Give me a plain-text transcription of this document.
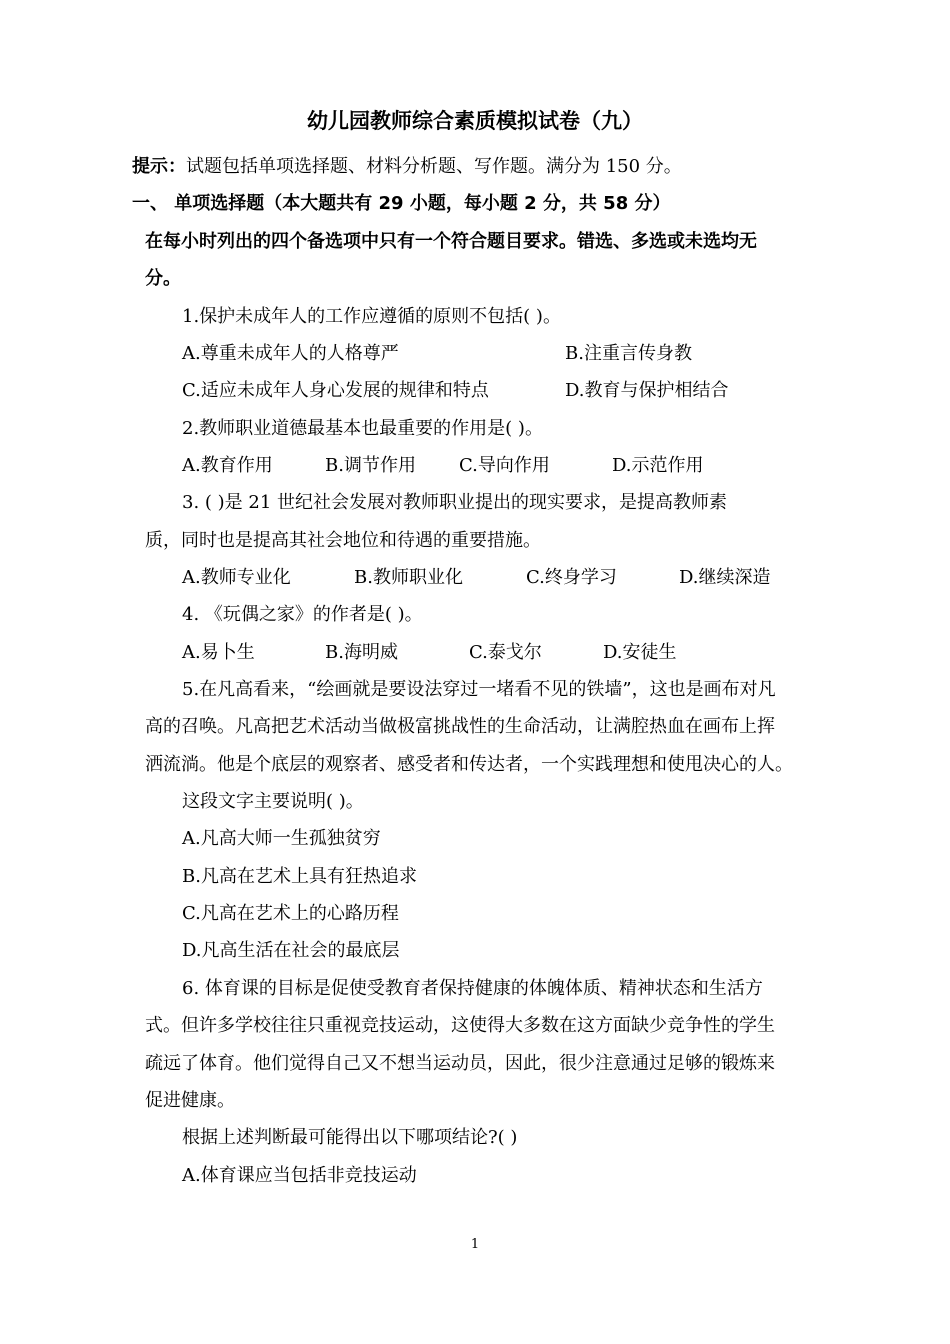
幼儿园教师综合素质模拟试卷（九）

提示：试题包括单项选择题、材料分析题、写作题。满分为 150 分。

一、 单项选择题（本大题共有 29 小题，每小题 2 分，共 58 分）

在每小时列出的四个备选项中只有一个符合题目要求。错选、多选或未选均无

分。

1.保护未成年人的工作应遵循的原则不包括( )。

A.尊重未成年人的人格尊严	B.注重言传身教
C.适应未成年人身心发展的规律和特点	D.教育与保护相结合

2.教师职业道德最基本也最重要的作用是( )。

A.教育作用	B.调节作用 C.导向作用	D.示范作用

3. ( )是 21 世纪社会发展对教师职业提出的现实要求，是提高教师素

质，同时也是提高其社会地位和待遇的重要措施。

A.教师专业化	B.教师职业化	C.终身学习	D.继续深造

4. 《玩偶之家》的作者是( )。

A.易卜生	B.海明威	C.泰戈尔	D.安徒生

5.在凡高看来，“绘画就是要设法穿过一堵看不见的铁墙”，这也是画布对凡

高的召唤。凡高把艺术活动当做极富挑战性的生命活动，让满腔热血在画布上挥

洒流淌。他是个底层的观察者、感受者和传达者，一个实践理想和使甩决心的人。

这段文字主要说明( )。

A.凡高大师一生孤独贫穷
B.凡高在艺术上具有狂热追求
C.凡高在艺术上的心路历程
D.凡高生活在社会的最底层

6. 体育课的目标是促使受教育者保持健康的体魄体质、精神状态和生活方

式。但许多学校往往只重视竞技运动，这使得大多数在这方面缺少竞争性的学生

疏远了体育。他们觉得自己又不想当运动员，因此，很少注意通过足够的锻炼来

促进健康。

根据上述判断最可能得出以下哪项结论?( )

A.体育课应当包括非竞技运动
1
